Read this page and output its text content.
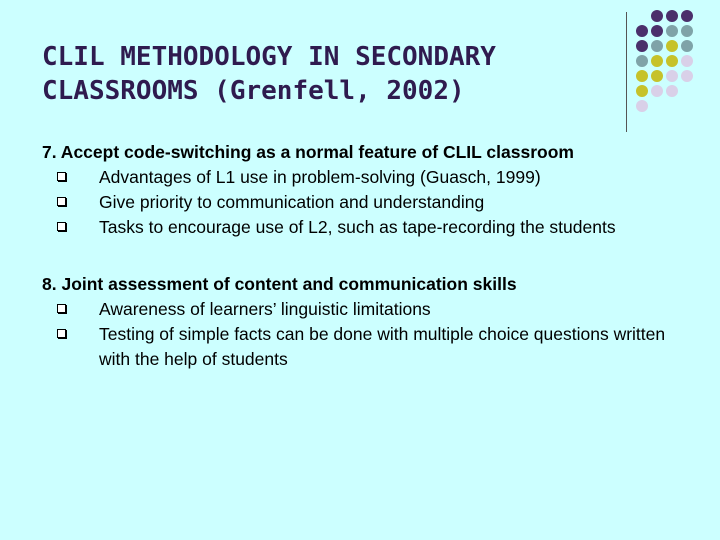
CLIL METHODOLOGY IN SECONDARY
CLASSROOMS (Grenfell, 2002)
7. Accept code-switching as a normal feature of CLIL classroom
Advantages of L1 use in problem-solving (Guasch, 1999)
Give priority to communication and understanding
Tasks to encourage use of L2, such as tape-recording the students
8. Joint assessment of content and communication skills
Awareness of learners’ linguistic limitations
Testing of simple facts can be done with multiple choice questions written with the help of students
